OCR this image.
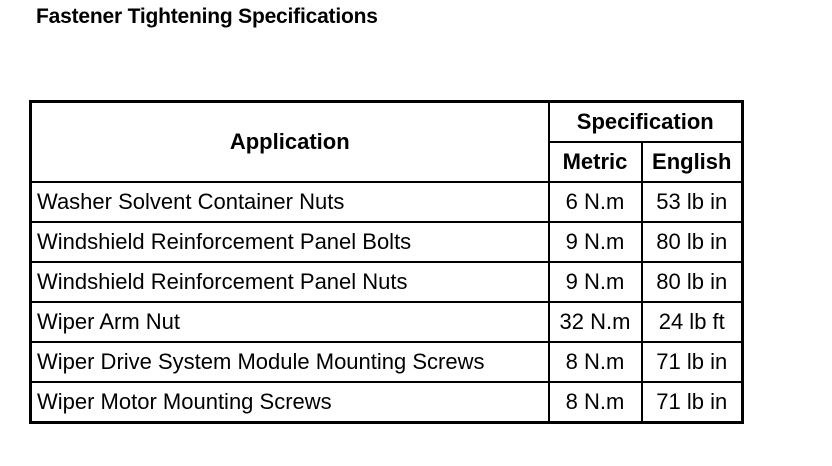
Fastener Tightening Specifications
Application	Specification	
	Metric	English
Washer Solvent Container Nuts	6 N.m	53 lb in
Windshield Reinforcement Panel Bolts	9 N.m	80 lb in
Windshield Reinforcement Panel Nuts	9 N.m	80 lb in
Wiper Arm Nut	32 N.m	24 lb ft
Wiper Drive System Module Mounting Screws	8 N.m	71 lb in
Wiper Motor Mounting Screws	8 N.m	71 lb in
